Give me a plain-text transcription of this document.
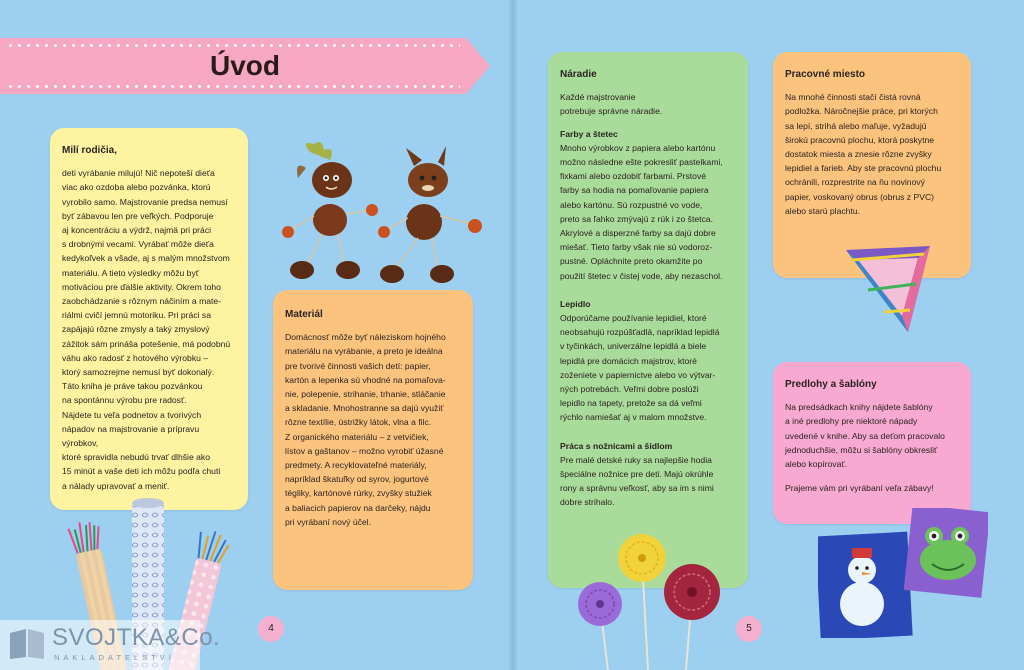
Úvod
Milí rodičia,

deti vyrábanie milujú! Nič nepoteší dieťa
viac ako ozdoba alebo pozvánka, ktorú
vyrobilo samo. Majstrovanie predsa nemusí
byť zábavou len pre veľkých. Podporuje
aj koncentráciu a výdrž, najmä pri práci
s drobnými vecami. Vyrábať môže dieťa
kedykoľvek a všade, aj s malým množstvom
materiálu. A tieto výsledky môžu byť
motiváciou pre ďalšie aktivity. Okrem toho
zaobchádzanie s rôznym náčiním a mate-
riálmi cvičí jemnú motoriku. Pri práci sa
zapájajú rôzne zmysly a taký zmyslový
zážitok sám prináša potešenie, má podobnú
váhu ako radosť z hotového výrobku –
ktorý samozrejme nemusí byť dokonalý.
Táto kniha je práve takou pozvánkou
na spontánnu výrobu pre radosť.
Nájdete tu veľa podnetov a tvorivých
nápadov na majstrovanie a prípravu výrobkov,
ktoré spravidla nebudú trvať dlhšie ako
15 minút a vaše deti ich môžu podľa chuti
a nálady upravovať a meniť.

Materiál

Domácnosť môže byť náleziskom hojného
materiálu na vyrábanie, a preto je ideálna
pre tvorivé činnosti vašich detí: papier,
kartón a lepenka sú vhodné na pomaľova-
nie, polepenie, strihanie, trhanie, stláčanie
a skladanie. Mnohostranne sa dajú využiť
rôzne textílie, ústrižky látok, vlna a filc.
Z organického materiálu – z vetvičiek,
lístov a gaštanov – možno vyrobiť úžasné
predmety. A recyklovateľné materiály,
napríklad škatuľky od syrov, jogurtové
tégliky, kartónové rúrky, zvyšky stužiek
a baliacich papierov na darčeky, nájdu
pri vyrábaní nový účel.

Náradie

Každé majstrovanie
potrebuje správne náradie.

Farby a štetec

Mnoho výrobkov z papiera alebo kartónu
možno následne ešte pokresliť pastelkami,
fixkami alebo ozdobiť farbami. Prstové
farby sa hodia na pomaľovanie papiera
alebo kartónu. Sú rozpustné vo vode,
preto sa ľahko zmývajú z rúk i zo štetca.
Akrylové a disperzné farby sa dajú dobre
miešať. Tieto farby však nie sú vodoroz-
pustné. Opláchnite preto okamžite po
použití štetec v čistej vode, aby nezaschol.

Lepidlo

Odporúčame používanie lepidiel, ktoré
neobsahujú rozpúšťadlá, napríklad lepidlá
v tyčinkách, univerzálne lepidlá a biele
lepidlá pre domácich majstrov, ktoré
zoženiete v papiernictve alebo vo výtvar-
ných potrebách. Veľmi dobre poslúži
lepidlo na tapety, pretože sa dá veľmi
rýchlo namiešať aj v malom množstve.

Práca s nožnicami a šidlom

Pre malé detské ruky sa najlepšie hodia
špeciálne nožnice pre deti. Majú okrúhle
rony a správnu veľkosť, aby sa im s nimi
dobre strihalo.

Pracovné miesto

Na mnohé činnosti stačí čistá rovná
podložka. Náročnejšie práce, pri ktorých
sa lepí, strihá alebo maľuje, vyžadujú
širokú pracovnú plochu, ktorá poskytne
dostatok miesta a znesie rôzne zvyšky
lepidiel a farieb. Aby ste pracovnú plochu
ochránili, rozprestrite na ňu novinový
papier, voskovaný obrus (obrus z PVC)
alebo starú plachtu.

Predlohy a šablóny

Na predsádkach knihy nájdete šablóny
a iné predlohy pre niektoré nápady
uvedené v knihe. Aby sa deťom pracovalo
jednoduchšie, môžu si šablóny obkresliť
alebo kopírovať.

Prajeme vám pri vyrábaní veľa zábavy!

4	5
SVOJTKA&Co.
NAKLADATELSTVÍ
